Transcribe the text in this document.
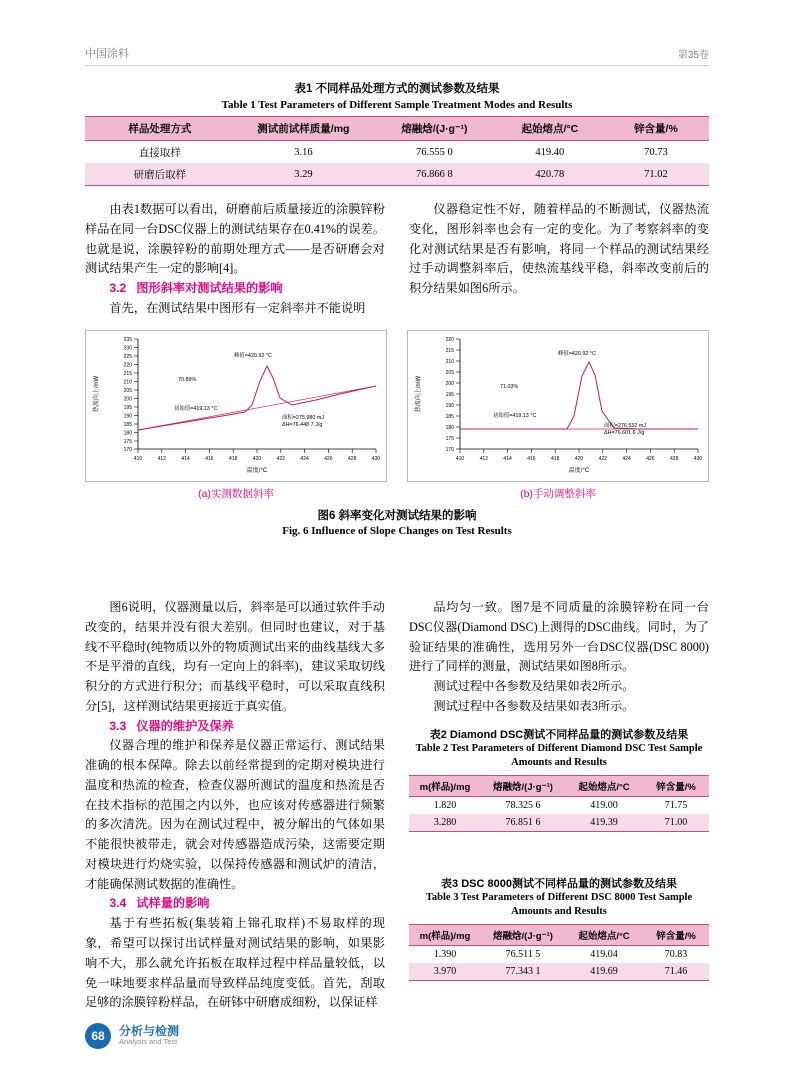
中国涂料	第35卷
表1 不同样品处理方式的测试参数及结果
Table 1 Test Parameters of Different Sample Treatment Modes and Results
样品处理方式	测试前试样质量/mg	熔融焓/(J·g⁻¹)	起始熔点/°C	锌含量/%
直接取样	3.16	76.555 0	419.40	70.73
研磨后取样	3.29	76.866 8	420.78	71.02

由表1数据可以看出，研磨前后质量接近的涂膜锌粉样品在同一台DSC仪器上的测试结果存在0.41%的误差。也就是说，涂膜锌粉的前期处理方式——是否研磨会对测试结果产生一定的影响[4]。

3.2 图形斜率对测试结果的影响

首先，在测试结果中图形有一定斜率并不能说明

仪器稳定性不好，随着样品的不断测试，仪器热流变化，图形斜率也会有一定的变化。为了考察斜率的变化对测试结果是否有影响，将同一个样品的测试结果经过手动调整斜率后，使热流基线平稳，斜率改变前后的积分结果如图6所示。

235
230
225
220
215
210
205
200
195
190
185
180
175
170
410	412	414	416	418	420	422	424	426	428	430
温度/°C
热流向上/mW
峰值=420.92 °C
70.89%
初始值=419.13 °C
面积=275.980 mJ
ΔH=76.448 7 J/g
(a)实测数据斜率
220
215
210
205
200
195
190
185
180
175
170
410	412	414	416	418	420	422	424	426	428	430
温度/°C
热流向上/mW
峰值=420.92 °C
71.03%
初始值=419.13 °C
面积=276.532 mJ
ΔH=76.601 6 J/g
(b)手动调整斜率
图6 斜率变化对测试结果的影响
Fig. 6 Influence of Slope Changes on Test Results

图6说明，仪器测量以后，斜率是可以通过软件手动改变的，结果并没有很大差别。但同时也建议，对于基线不平稳时(纯物质以外的物质测试出来的曲线基线大多不是平滑的直线，均有一定向上的斜率)，建议采取切线积分的方式进行积分；而基线平稳时，可以采取直线积分[5]，这样测试结果更接近于真实值。

3.3 仪器的维护及保养

仪器合理的维护和保养是仪器正常运行、测试结果准确的根本保障。除去以前经常提到的定期对模块进行温度和热流的检查，检查仪器所测试的温度和热流是否在技术指标的范围之内以外，也应该对传感器进行频繁的多次清洗。因为在测试过程中，被分解出的气体如果不能很快被带走，就会对传感器造成污染，这需要定期对模块进行灼烧实验，以保持传感器和测试炉的清洁，才能确保测试数据的准确性。

3.4 试样量的影响

基于有些拓板(集装箱上锦孔取样)不易取样的现象，希望可以探讨出试样量对测试结果的影响，如果影响不大，那么就允许拓板在取样过程中样品量较低，以免一味地要求样品量而导致样品纯度变低。首先，刮取足够的涂膜锌粉样品，在研钵中研磨成细粉，以保证样

品均匀一致。图7是不同质量的涂膜锌粉在同一台DSC仪器(Diamond DSC)上测得的DSC曲线。同时，为了验证结果的准确性，选用另外一台DSC仪器(DSC 8000)进行了同样的测量，测试结果如图8所示。

测试过程中各参数及结果如表2所示。

测试过程中各参数及结果如表3所示。

表2 Diamond DSC测试不同样品量的测试参数及结果
Table 2 Test Parameters of Different Diamond DSC Test Sample Amounts and Results
m(样品)/mg	熔融焓/(J·g⁻¹)	起始熔点/°C	锌含量/%
1.820	78.325 6	419.00	71.75
3.280	76.851 6	419.39	71.00
表3 DSC 8000测试不同样品量的测试参数及结果
Table 3 Test Parameters of Different DSC 8000 Test Sample Amounts and Results
m(样品)/mg	熔融焓/(J·g⁻¹)	起始熔点/°C	锌含量/%
1.390	76.511 5	419.04	70.83
3.970	77.343 1	419.69	71.46
68	分析与检测
Analysis and Test
